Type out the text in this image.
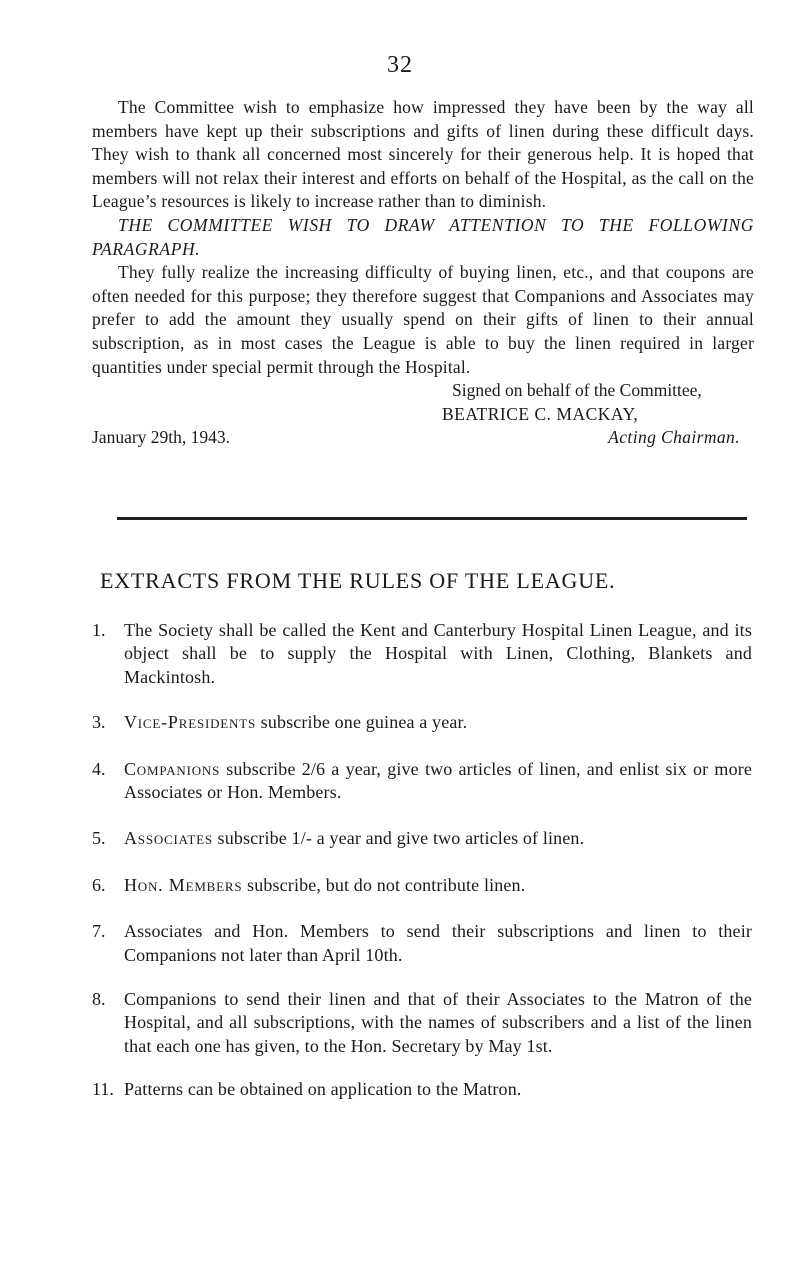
32

The Committee wish to emphasize how impressed they have been by the way all members have kept up their subscriptions and gifts of linen during these difficult days. They wish to thank all concerned most sincerely for their generous help. It is hoped that members will not relax their interest and efforts on behalf of the Hospital, as the call on the League’s resources is likely to increase rather than to diminish.

THE COMMITTEE WISH TO DRAW ATTENTION TO THE FOLLOWING PARAGRAPH.

They fully realize the increasing difficulty of buying linen, etc., and that coupons are often needed for this purpose; they therefore suggest that Companions and Associates may prefer to add the amount they usually spend on their gifts of linen to their annual subscription, as in most cases the League is able to buy the linen required in larger quantities under special permit through the Hospital.

Signed on behalf of the Committee,

BEATRICE C. MACKAY,

January 29th, 1943.	Acting Chairman.
EXTRACTS FROM THE RULES OF THE LEAGUE.
1.	The Society shall be called the Kent and Canterbury Hospital Linen League, and its object shall be to supply the Hospital with Linen, Clothing, Blankets and Mackintosh.
3.	Vice-Presidents subscribe one guinea a year.
4.	Companions subscribe 2/6 a year, give two articles of linen, and enlist six or more Associates or Hon. Members.
5.	Associates subscribe 1/- a year and give two articles of linen.
6.	Hon. Members subscribe, but do not contribute linen.
7.	Associates and Hon. Members to send their subscriptions and linen to their Companions not later than April 10th.
8.	Companions to send their linen and that of their Associates to the Matron of the Hospital, and all subscriptions, with the names of subscribers and a list of the linen that each one has given, to the Hon. Secretary by May 1st.
11. Patterns can be obtained on application to the Matron.
